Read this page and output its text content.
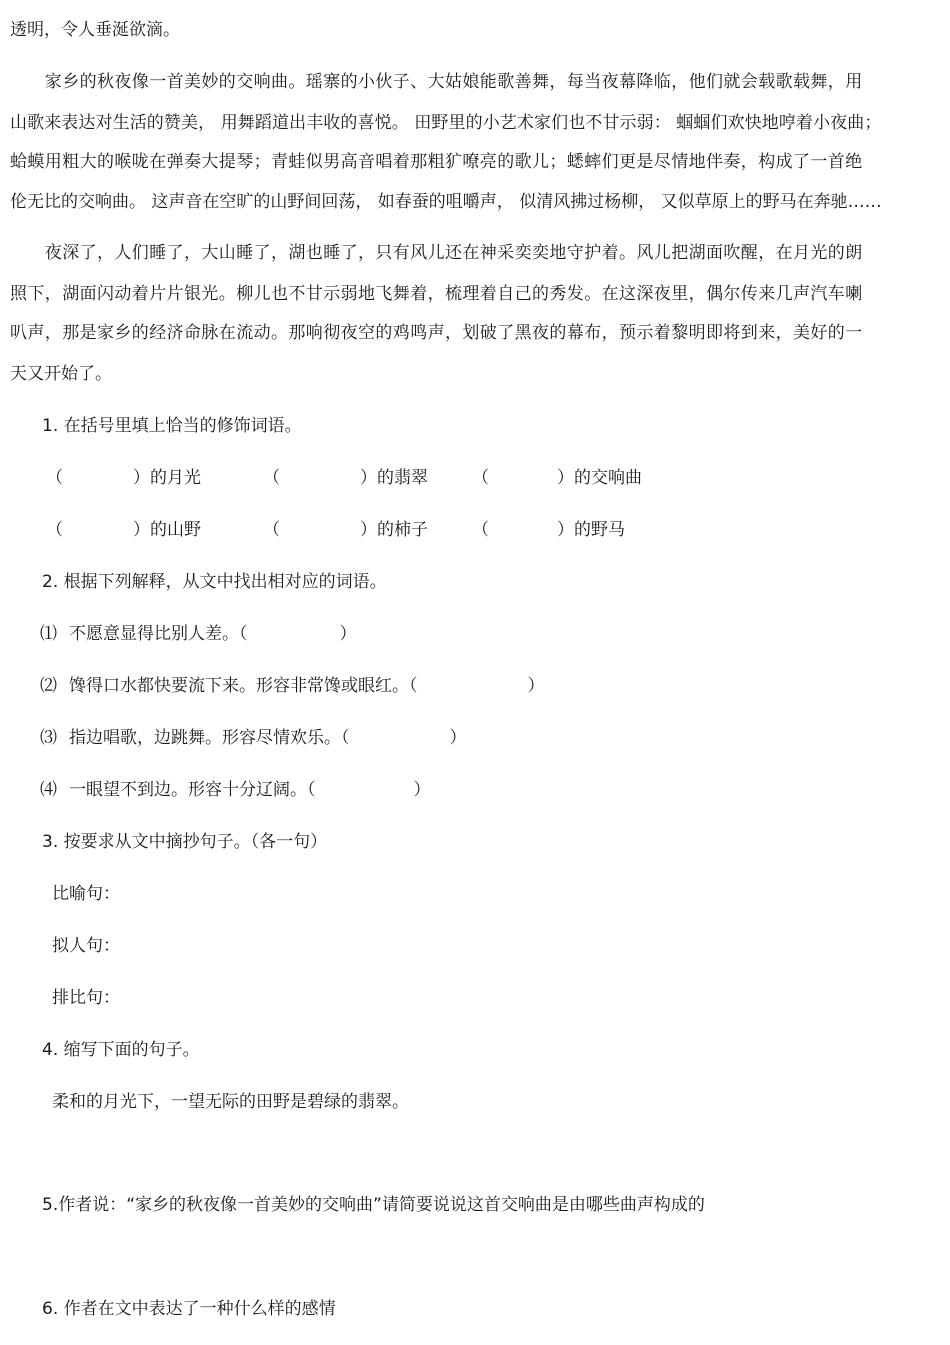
透明，令人垂涎欲滴。
　　家乡的秋夜像一首美妙的交响曲。瑶寨的小伙子、大姑娘能歌善舞，每当夜幕降临，他们就会载歌载舞，用
山歌来表达对生活的赞美， 用舞蹈道出丰收的喜悦。 田野里的小艺术家们也不甘示弱： 蝈蝈们欢快地哼着小夜曲；
蛤蟆用粗大的喉咙在弹奏大提琴；青蛙似男高音唱着那粗犷嘹亮的歌儿；蟋蟀们更是尽情地伴奏，构成了一首绝
伦无比的交响曲。 这声音在空旷的山野间回荡， 如春蚕的咀嚼声， 似清风拂过杨柳， 又似草原上的野马在奔驰……
　　夜深了，人们睡了，大山睡了，湖也睡了，只有风儿还在神采奕奕地守护着。风儿把湖面吹醒，在月光的朗
照下，湖面闪动着片片银光。柳儿也不甘示弱地飞舞着，梳理着自己的秀发。在这深夜里，偶尔传来几声汽车喇
叭声，那是家乡的经济命脉在流动。那响彻夜空的鸡鸣声，划破了黑夜的幕布，预示着黎明即将到来，美好的一
天又开始了。
1. 在括号里填上恰当的修饰词语。
（	）的月光	（	）的翡翠	（	）的交响曲
（	）的山野	（	）的柿子	（	）的野马
2. 根据下列解释，从文中找出相对应的词语。
⑴ 不愿意显得比别人差。（	）
⑵ 馋得口水都快要流下来。形容非常馋或眼红。（	）
⑶ 指边唱歌，边跳舞。形容尽情欢乐。（	）
⑷ 一眼望不到边。形容十分辽阔。（	）
3. 按要求从文中摘抄句子。（各一句）
比喻句：
拟人句：
排比句：
4. 缩写下面的句子。
柔和的月光下，一望无际的田野是碧绿的翡翠。
5.作者说：“家乡的秋夜像一首美妙的交响曲”请简要说说这首交响曲是由哪些曲声构成的
6. 作者在文中表达了一种什么样的感情
